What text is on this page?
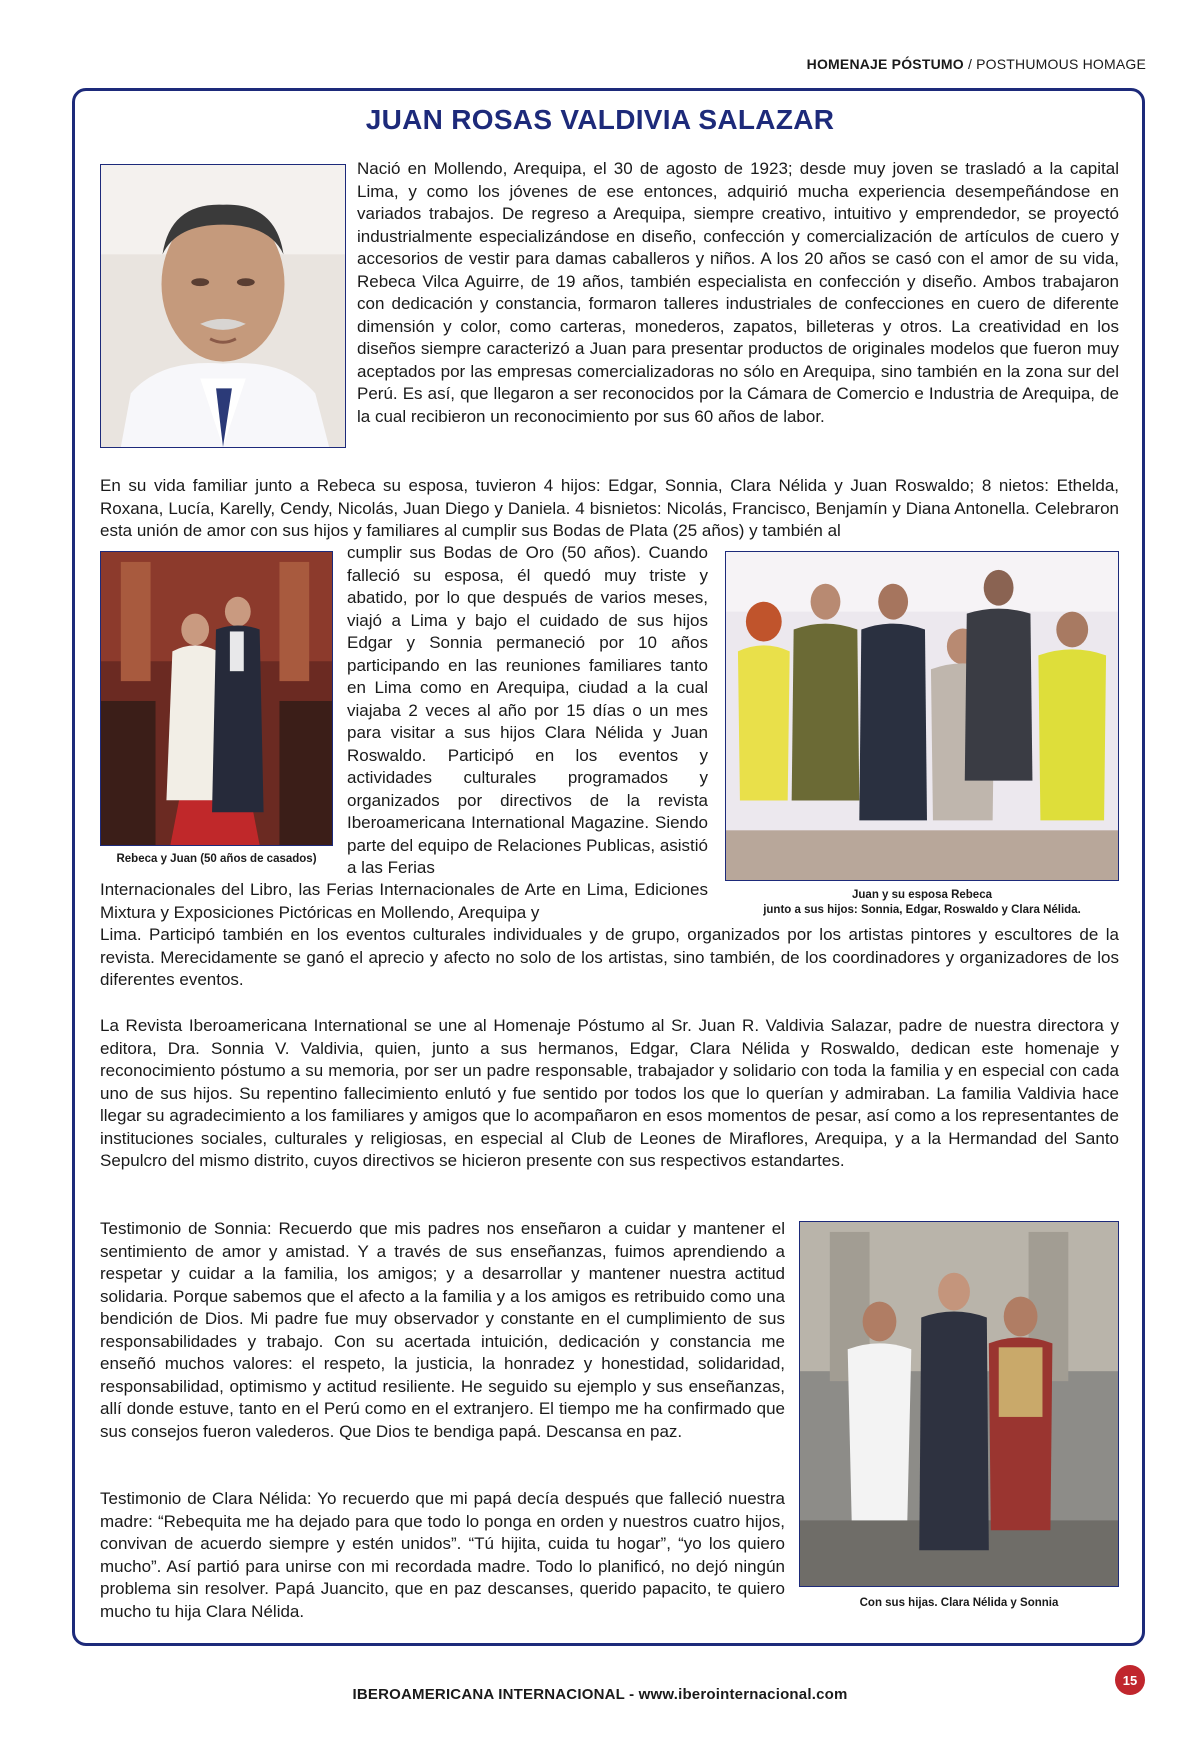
HOMENAJE PÓSTUMO / POSTHUMOUS HOMAGE
JUAN ROSAS VALDIVIA SALAZAR

Nació en Mollendo, Arequipa, el 30 de agosto de 1923; desde muy joven se trasladó a la capital Lima, y como los jóvenes de ese entonces, adquirió mucha experiencia desempeñándose en variados trabajos. De regreso a Arequipa, siempre creativo, intuitivo y emprendedor, se proyectó industrialmente especializándose en diseño, confección y comercialización de artículos de cuero y accesorios de vestir para damas caballeros y niños. A los 20 años se casó con el amor de su vida, Rebeca Vilca Aguirre, de 19 años, también especialista en confección y diseño. Ambos trabajaron con dedicación y constancia, formaron talleres industriales de confecciones en cuero de diferente dimensión y color, como carteras, monederos, zapatos, billeteras y otros. La creatividad en los diseños siempre caracterizó a Juan para presentar productos de originales modelos que fueron muy aceptados por las empresas comercializadoras no sólo en Arequipa, sino también en la zona sur del Perú. Es así, que llegaron a ser reconocidos por la Cámara de Comercio e Industria de Arequipa, de la cual recibieron un reconocimiento por sus 60 años de labor.

En su vida familiar junto a Rebeca su esposa, tuvieron 4 hijos: Edgar, Sonnia, Clara Nélida y Juan Roswaldo; 8 nietos: Ethelda, Roxana, Lucía, Karelly, Cendy, Nicolás, Juan Diego y Daniela. 4 bisnietos: Nicolás, Francisco, Benjamín y Diana Antonella. Celebraron esta unión de amor con sus hijos y familiares al cumplir sus Bodas de Plata (25 años) y también al

Rebeca y Juan (50 años de casados)

cumplir sus Bodas de Oro (50 años). Cuando falleció su esposa, él quedó muy triste y abatido, por lo que después de varios meses, viajó a Lima y bajo el cuidado de sus hijos Edgar y Sonnia permaneció por 10 años participando en las reuniones familiares tanto en Lima como en Arequipa, ciudad a la cual viajaba 2 veces al año por 15 días o un mes para visitar a sus hijos Clara Nélida y Juan Roswaldo. Participó en los eventos y actividades culturales programados y organizados por directivos de la revista Iberoamericana International Magazine. Siendo parte del equipo de Relaciones Publicas, asistió a las Ferias

Juan y su esposa Rebeca
junto a sus hijos: Sonnia, Edgar, Roswaldo y Clara Nélida.

Internacionales del Libro, las Ferias Internacionales de Arte en Lima, Ediciones Mixtura y Exposiciones Pictóricas en Mollendo, Arequipa y

Lima. Participó también en los eventos culturales individuales y de grupo, organizados por los artistas pintores y escultores de la revista. Merecidamente se ganó el aprecio y afecto no solo de los artistas, sino también, de los coordinadores y organizadores de los diferentes eventos.

La Revista Iberoamericana International se une al Homenaje Póstumo al Sr. Juan R. Valdivia Salazar, padre de nuestra directora y editora, Dra. Sonnia V. Valdivia, quien, junto a sus hermanos, Edgar, Clara Nélida y Roswaldo, dedican este homenaje y reconocimiento póstumo a su memoria, por ser un padre responsable, trabajador y solidario con toda la familia y en especial con cada uno de sus hijos. Su repentino fallecimiento enlutó y fue sentido por todos los que lo querían y admiraban. La familia Valdivia hace llegar su agradecimiento a los familiares y amigos que lo acompañaron en esos momentos de pesar, así como a los representantes de instituciones sociales, culturales y religiosas, en especial al Club de Leones de Miraflores, Arequipa, y a la Hermandad del Santo Sepulcro del mismo distrito, cuyos directivos se hicieron presente con sus respectivos estandartes.

Testimonio de Sonnia: Recuerdo que mis padres nos enseñaron a cuidar y mantener el sentimiento de amor y amistad. Y a través de sus enseñanzas, fuimos aprendiendo a respetar y cuidar a la familia, los amigos; y a desarrollar y mantener nuestra actitud solidaria. Porque sabemos que el afecto a la familia y a los amigos es retribuido como una bendición de Dios. Mi padre fue muy observador y constante en el cumplimiento de sus responsabilidades y trabajo. Con su acertada intuición, dedicación y constancia me enseñó muchos valores: el respeto, la justicia, la honradez y honestidad, solidaridad, responsabilidad, optimismo y actitud resiliente. He seguido su ejemplo y sus enseñanzas, allí donde estuve, tanto en el Perú como en el extranjero. El tiempo me ha confirmado que sus consejos fueron valederos. Que Dios te bendiga papá. Descansa en paz.

Testimonio de Clara Nélida: Yo recuerdo que mi papá decía después que falleció nuestra madre: “Rebequita me ha dejado para que todo lo ponga en orden y nuestros cuatro hijos, convivan de acuerdo siempre y estén unidos”. “Tú hijita, cuida tu hogar”, “yo los quiero mucho”. Así partió para unirse con mi recordada madre. Todo lo planificó, no dejó ningún problema sin resolver. Papá Juancito, que en paz descanses, querido papacito, te quiero mucho tu hija Clara Nélida.	Con sus hijas. Clara Nélida y Sonnia
IBEROAMERICANA INTERNACIONAL - www.iberointernacional.com
15
